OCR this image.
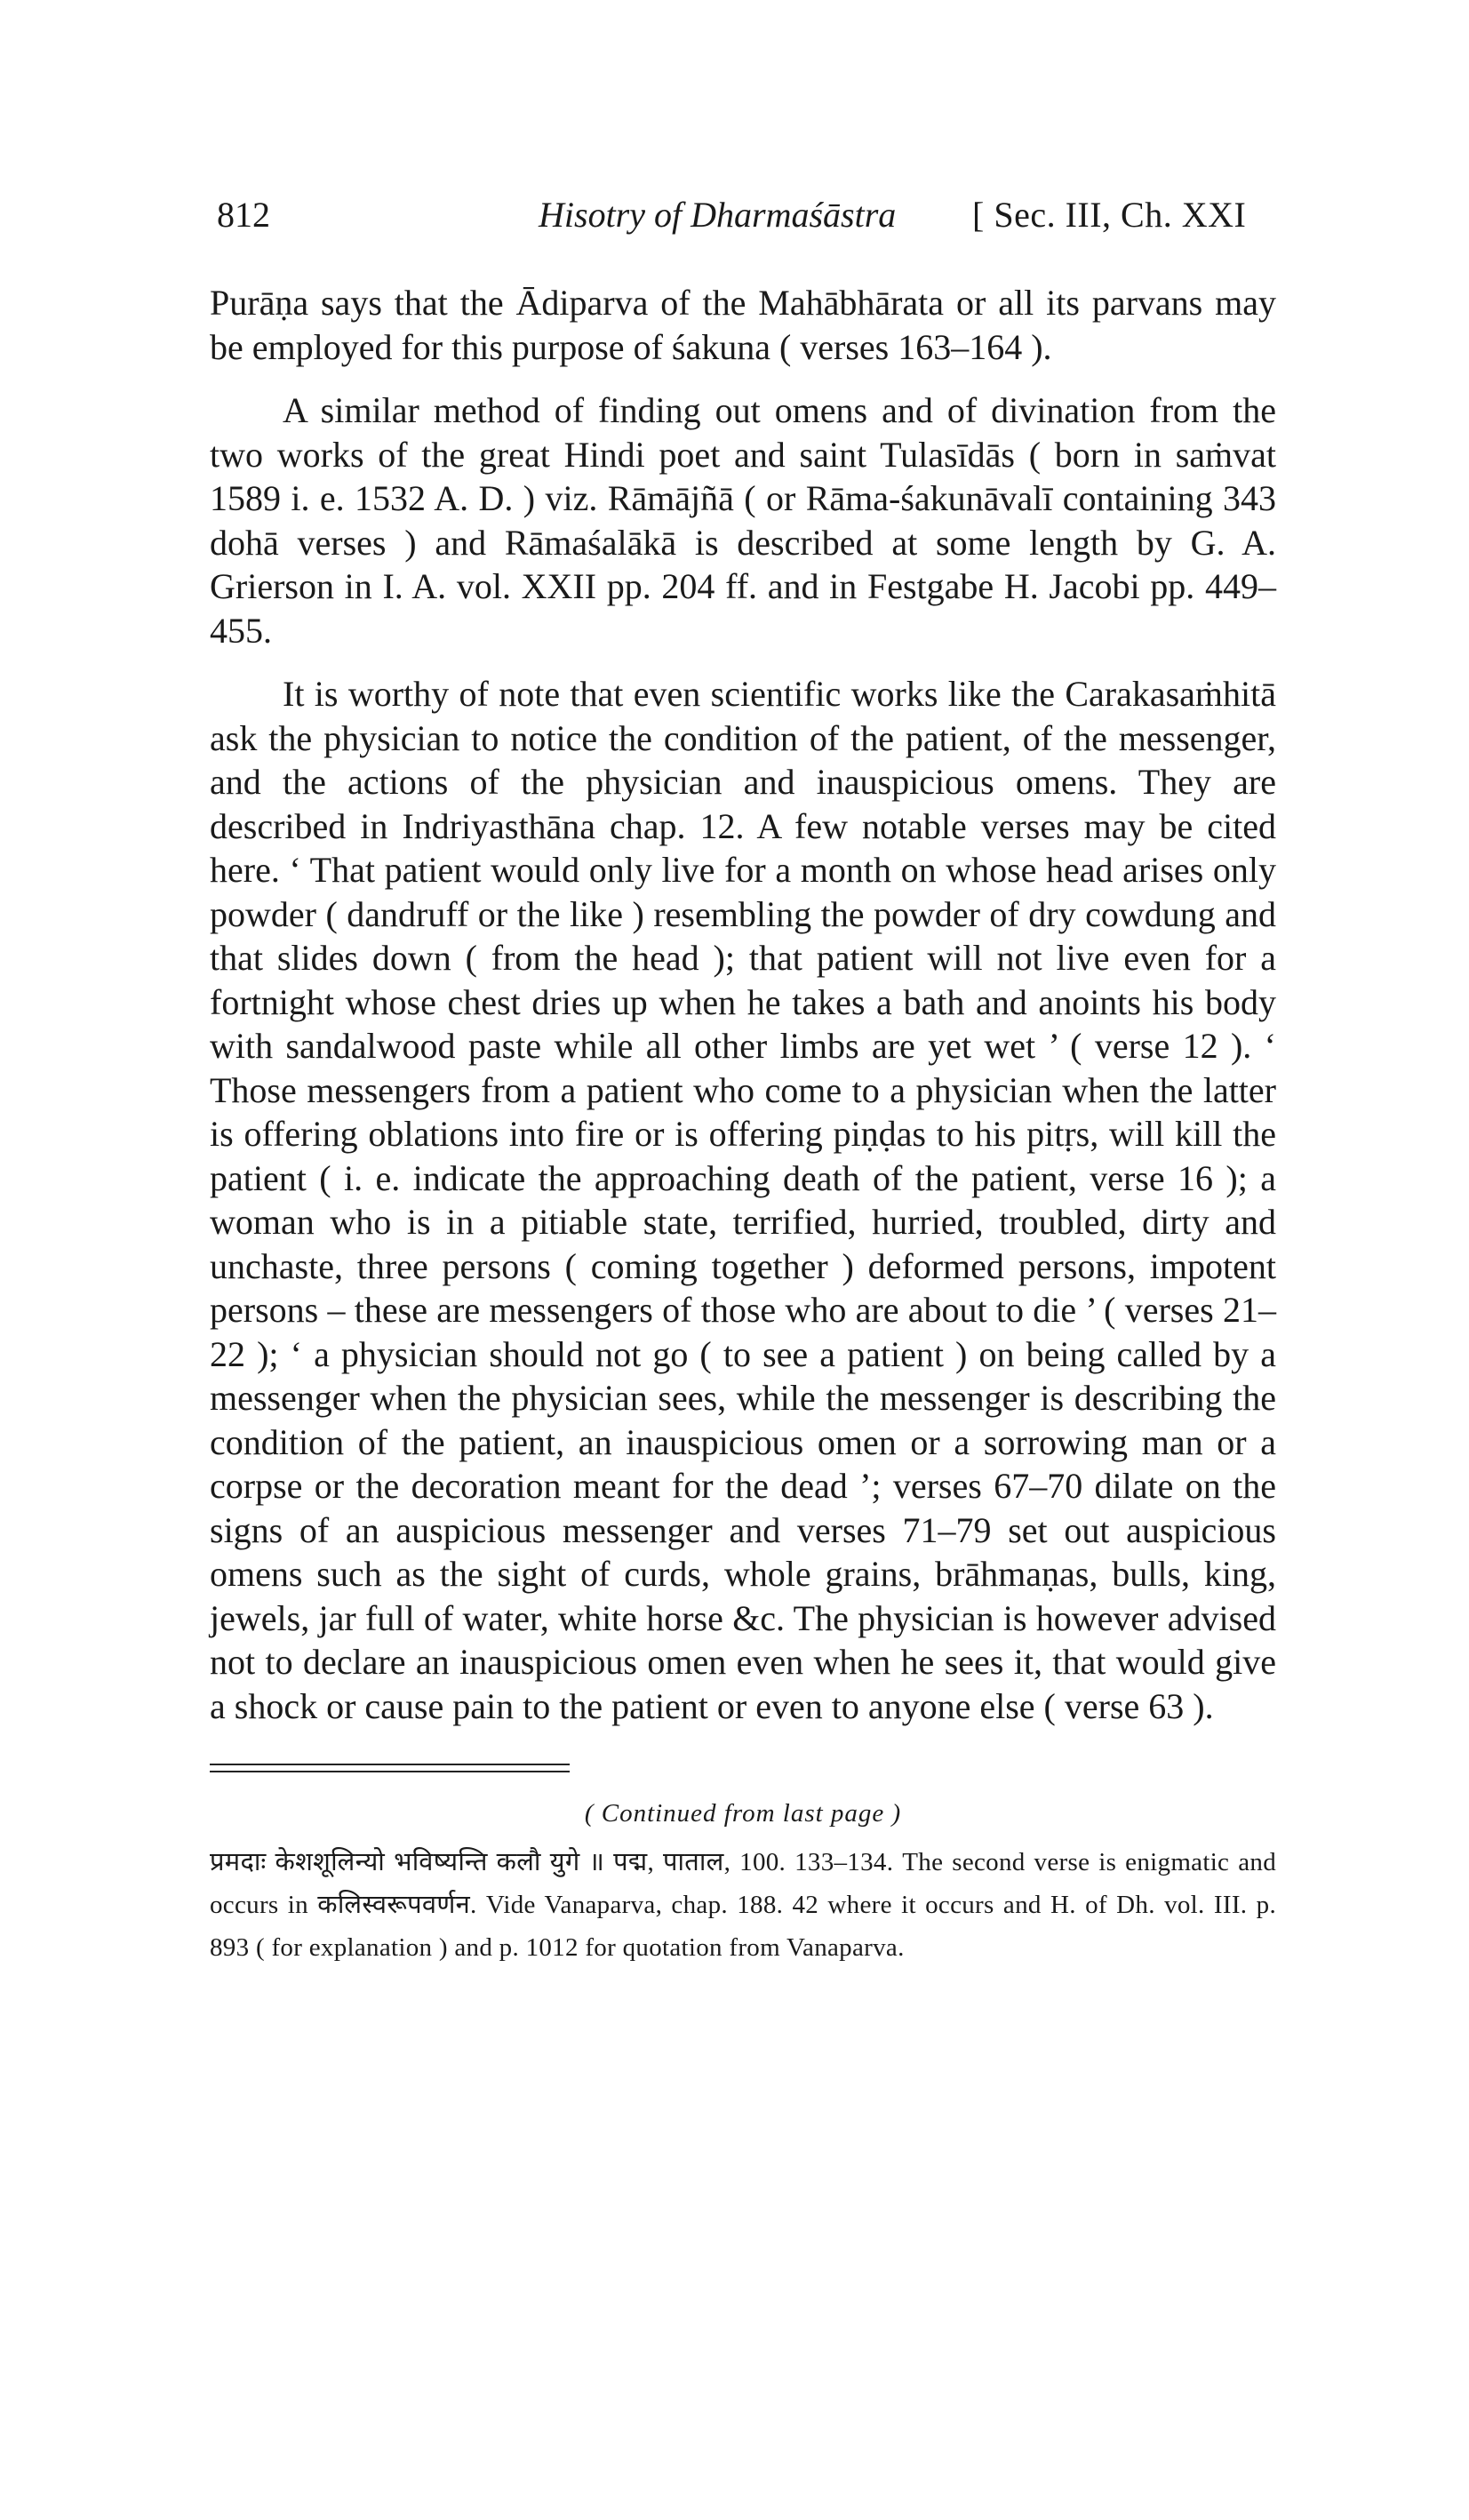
812	Hisotry of Dharmaśāstra [ Sec. III, Ch. XXI

Purāṇa says that the Ādiparva of the Mahābhārata or all its parvans may be employed for this purpose of śakuna ( verses 163–164 ).

A similar method of finding out omens and of divination from the two works of the great Hindi poet and saint Tulasīdās ( born in saṁvat 1589 i. e. 1532 A. D. ) viz. Rāmājñā ( or Rāma-śakunāvalī containing 343 dohā verses ) and Rāmaśalākā is described at some length by G. A. Grierson in I. A. vol. XXII pp. 204 ff. and in Festgabe H. Jacobi pp. 449–455.

It is worthy of note that even scientific works like the Carakasaṁhitā ask the physician to notice the condition of the patient, of the messenger, and the actions of the physician and inauspicious omens. They are described in Indriyasthāna chap. 12. A few notable verses may be cited here. ‘ That patient would only live for a month on whose head arises only powder ( dandruff or the like ) resembling the powder of dry cowdung and that slides down ( from the head ); that patient will not live even for a fortnight whose chest dries up when he takes a bath and anoints his body with sandalwood paste while all other limbs are yet wet ’ ( verse 12 ). ‘ Those messengers from a patient who come to a physician when the latter is offering oblations into fire or is offering piṇḍas to his pitṛs, will kill the patient ( i. e. indicate the approaching death of the patient, verse 16 ); a woman who is in a pitiable state, terrified, hurried, troubled, dirty and unchaste, three persons ( coming together ) deformed persons, impotent persons – these are messengers of those who are about to die ’ ( verses 21–22 ); ‘ a physician should not go ( to see a patient ) on being called by a messenger when the physician sees, while the messenger is describing the condition of the patient, an inauspicious omen or a sorrowing man or a corpse or the decoration meant for the dead ’; verses 67–70 dilate on the signs of an auspicious messenger and verses 71–79 set out auspicious omens such as the sight of curds, whole grains, brāhmaṇas, bulls, king, jewels, jar full of water, white horse &c. The physician is however advised not to declare an inauspicious omen even when he sees it, that would give a shock or cause pain to the patient or even to anyone else ( verse 63 ).

( Continued from last page )
प्रमदाः केशशूलिन्यो भविष्यन्ति कलौ युगे ॥ पद्म, पाताल, 100. 133–134. The second verse is enigmatic and occurs in कलिस्वरूपवर्णन. Vide Vanaparva, chap. 188. 42 where it occurs and H. of Dh. vol. III. p. 893 ( for explanation ) and p. 1012 for quotation from Vanaparva.
